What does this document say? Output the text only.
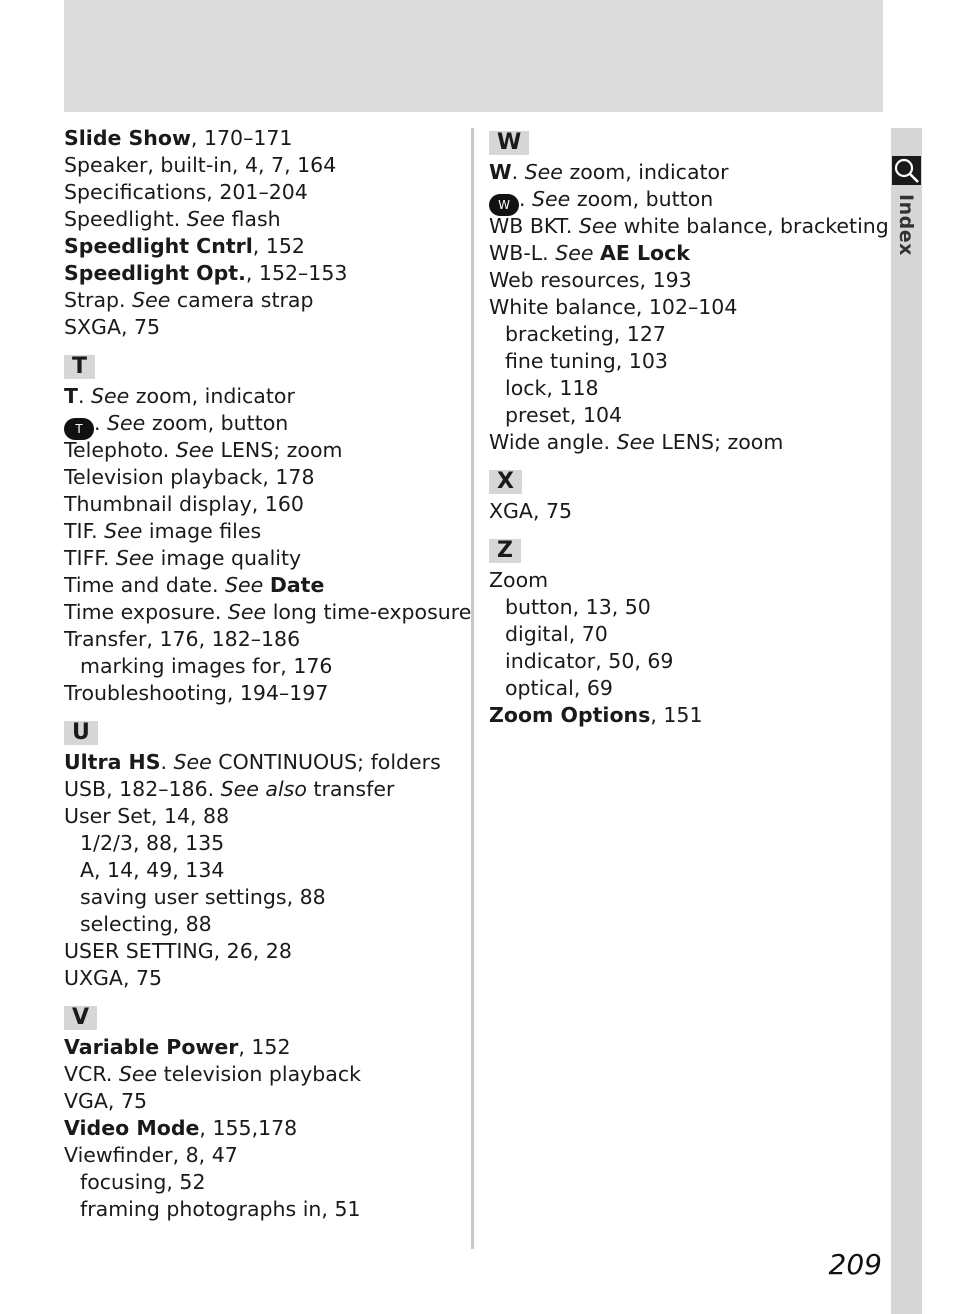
Slide Show, 170–171
Speaker, built-in, 4, 7, 164
Specifications, 201–204
Speedlight. See flash
Speedlight Cntrl, 152
Speedlight Opt., 152–153
Strap. See camera strap
SXGA, 75
T
T. See zoom, indicator
T . See zoom, button
Telephoto. See LENS; zoom
Television playback, 178
Thumbnail display, 160
TIF. See image files
TIFF. See image quality
Time and date. See Date
Time exposure. See long time-exposure
Transfer, 176, 182–186
marking images for, 176
Troubleshooting, 194–197
U
Ultra HS. See CONTINUOUS; folders
USB, 182–186. See also transfer
User Set, 14, 88
1/2/3, 88, 135
A, 14, 49, 134
saving user settings, 88
selecting, 88
USER SETTING, 26, 28
UXGA, 75
V
Variable Power, 152
VCR. See television playback
VGA, 75
Video Mode, 155,178
Viewfinder, 8, 47
focusing, 52
framing photographs in, 51
W
W. See zoom, indicator
W . See zoom, button
WB BKT. See white balance, bracketing
WB-L. See AE Lock
Web resources, 193
White balance, 102–104
bracketing, 127
fine tuning, 103
lock, 118
preset, 104
Wide angle. See LENS; zoom
X
XGA, 75
Z
Zoom
button, 13, 50
digital, 70
indicator, 50, 69
optical, 69
Zoom Options, 151
Index
209
